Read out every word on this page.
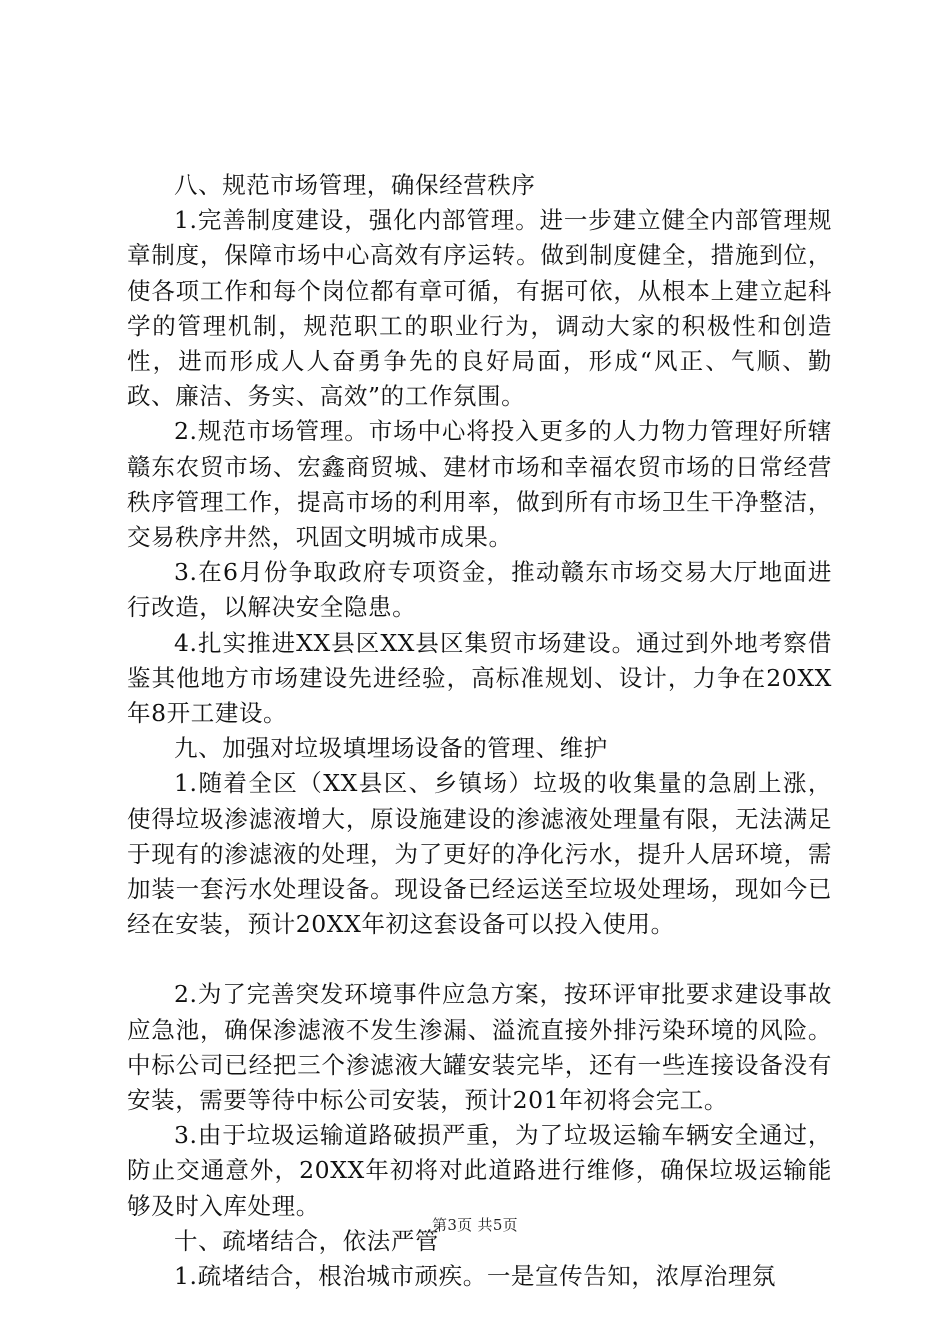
八、规范市场管理，确保经营秩序

1.完善制度建设，强化内部管理。进一步建立健全内部管理规章制度，保障市场中心高效有序运转。做到制度健全，措施到位，使各项工作和每个岗位都有章可循，有据可依，从根本上建立起科学的管理机制，规范职工的职业行为，调动大家的积极性和创造性，进而形成人人奋勇争先的良好局面，形成“风正、气顺、勤政、廉洁、务实、高效”的工作氛围。

2.规范市场管理。市场中心将投入更多的人力物力管理好所辖赣东农贸市场、宏鑫商贸城、建材市场和幸福农贸市场的日常经营秩序管理工作，提高市场的利用率，做到所有市场卫生干净整洁，交易秩序井然，巩固文明城市成果。

3.在6月份争取政府专项资金，推动赣东市场交易大厅地面进行改造，以解决安全隐患。

4.扎实推进XX县区XX县区集贸市场建设。通过到外地考察借鉴其他地方市场建设先进经验，高标准规划、设计，力争在20XX年8开工建设。

九、加强对垃圾填埋场设备的管理、维护

1.随着全区（XX县区、乡镇场）垃圾的收集量的急剧上涨，使得垃圾渗滤液增大，原设施建设的渗滤液处理量有限，无法满足于现有的渗滤液的处理，为了更好的净化污水，提升人居环境，需加装一套污水处理设备。现设备已经运送至垃圾处理场，现如今已经在安装，预计20XX年初这套设备可以投入使用。

2.为了完善突发环境事件应急方案，按环评审批要求建设事故应急池，确保渗滤液不发生渗漏、溢流直接外排污染环境的风险。中标公司已经把三个渗滤液大罐安装完毕，还有一些连接设备没有安装，需要等待中标公司安装，预计201年初将会完工。

3.由于垃圾运输道路破损严重，为了垃圾运输车辆安全通过，防止交通意外，20XX年初将对此道路进行维修，确保垃圾运输能够及时入库处理。

十、疏堵结合，依法严管

1.疏堵结合，根治城市顽疾。一是宣传告知，浓厚治理氛

第3页 共5页
